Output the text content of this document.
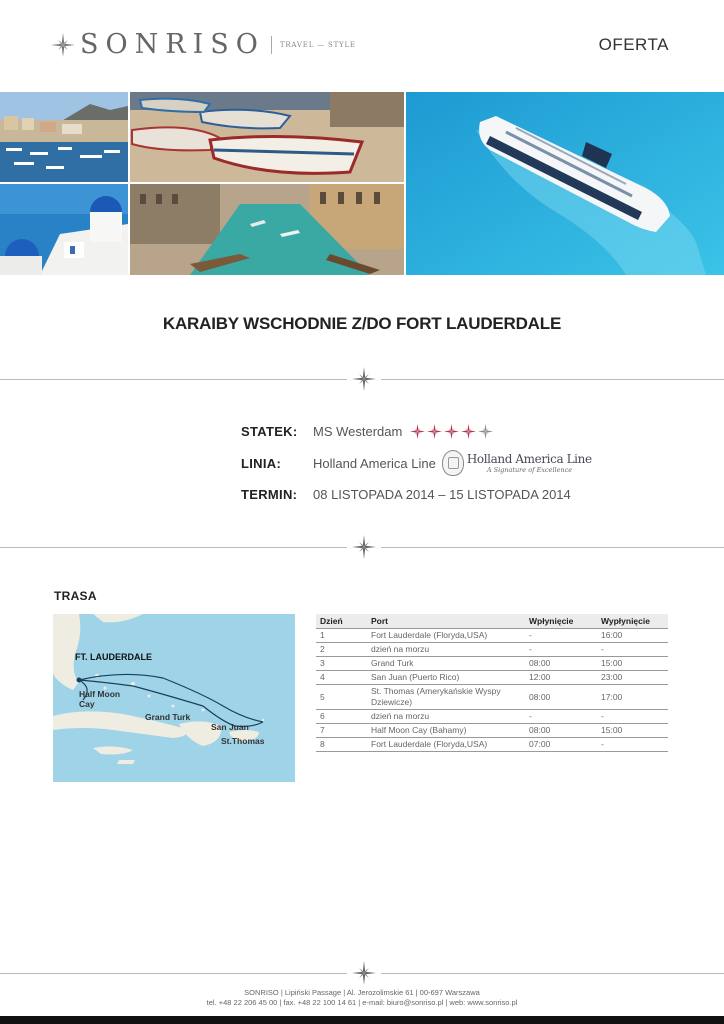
SONRISO TRAVEL — STYLE	OFERTA
KARAIBY WSCHODNIE Z/DO FORT LAUDERDALE
STATEK:	MS Westerdam
LINIA:	Holland America Line	Holland America Line
A Signature of Excellence
TERMIN:	08 LISTOPADA 2014 – 15 LISTOPADA 2014
TRASA
FT. LAUDERDALE
Half Moon
Cay
Grand Turk
San Juan
St.Thomas
Dzień	Port	Wpłynięcie	Wypłynięcie
1	Fort Lauderdale (Floryda,USA)	-	16:00
2	dzień na morzu	-	-
3	Grand Turk	08:00	15:00
4	San Juan (Puerto Rico)	12:00	23:00
5	St. Thomas (Amerykańskie Wyspy Dziewicze)	08:00	17:00
6	dzień na morzu	-	-
7	Half Moon Cay (Bahamy)	08:00	15:00
8	Fort Lauderdale (Floryda,USA)	07:00	-
SONRISO | Lipiński Passage | Al. Jerozolimskie 61 | 00-697 Warszawa
tel. +48 22 206 45 00 | fax. +48 22 100 14 61 | e-mail: biuro@sonriso.pl | web: www.sonriso.pl
